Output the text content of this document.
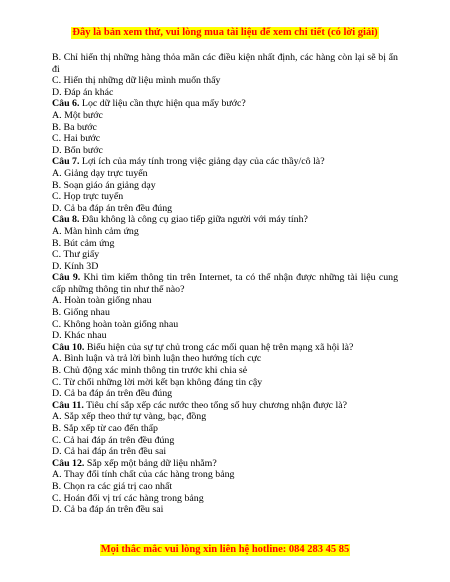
Đây là bản xem thử, vui lòng mua tài liệu để xem chi tiết (có lời giải)
B. Chỉ hiển thị những hàng thỏa mãn các điều kiện nhất định, các hàng còn lại sẽ bị ẩn đi
C. Hiển thị những dữ liệu mình muốn thấy
D. Đáp án khác
Câu 6. Lọc dữ liệu cần thực hiện qua mấy bước?
A. Một bước
B. Ba bước
C. Hai bước
D. Bốn bước
Câu 7. Lợi ích của máy tính trong việc giảng dạy của các thầy/cô là?
A. Giảng dạy trực tuyến
B. Soạn giáo án giảng dạy
C. Họp trực tuyến
D. Cả ba đáp án trên đều đúng
Câu 8. Đâu không là công cụ giao tiếp giữa người với máy tính?
A. Màn hình cảm ứng
B. Bút cảm ứng
C. Thư giấy
D. Kính 3D
Câu 9. Khi tìm kiếm thông tin trên Internet, ta có thể nhận được những tài liệu cung cấp những thông tin như thế nào?
A. Hoàn toàn giống nhau
B. Giống nhau
C. Không hoàn toàn giống nhau
D. Khác nhau
Câu 10. Biểu hiện của sự tự chủ trong các mối quan hệ trên mạng xã hội là?
A. Bình luận và trả lời bình luận theo hướng tích cực
B. Chủ động xác minh thông tin trước khi chia sẻ
C. Từ chối những lời mời kết bạn không đáng tin cậy
D. Cả ba đáp án trên đều đúng
Câu 11. Tiêu chí sắp xếp các nước theo tổng số huy chương nhận được là?
A. Sắp xếp theo thứ tự vàng, bạc, đồng
B. Sắp xếp từ cao đến thấp
C. Cả hai đáp án trên đều đúng
D. Cả hai đáp án trên đều sai
Câu 12. Sắp xếp một bảng dữ liệu nhằm?
A. Thay đổi tính chất của các hàng trong bảng
B. Chọn ra các giá trị cao nhất
C. Hoán đổi vị trí các hàng trong bảng
D. Cả ba đáp án trên đều sai
Mọi thắc mắc vui lòng xin liên hệ hotline: 084 283 45 85
